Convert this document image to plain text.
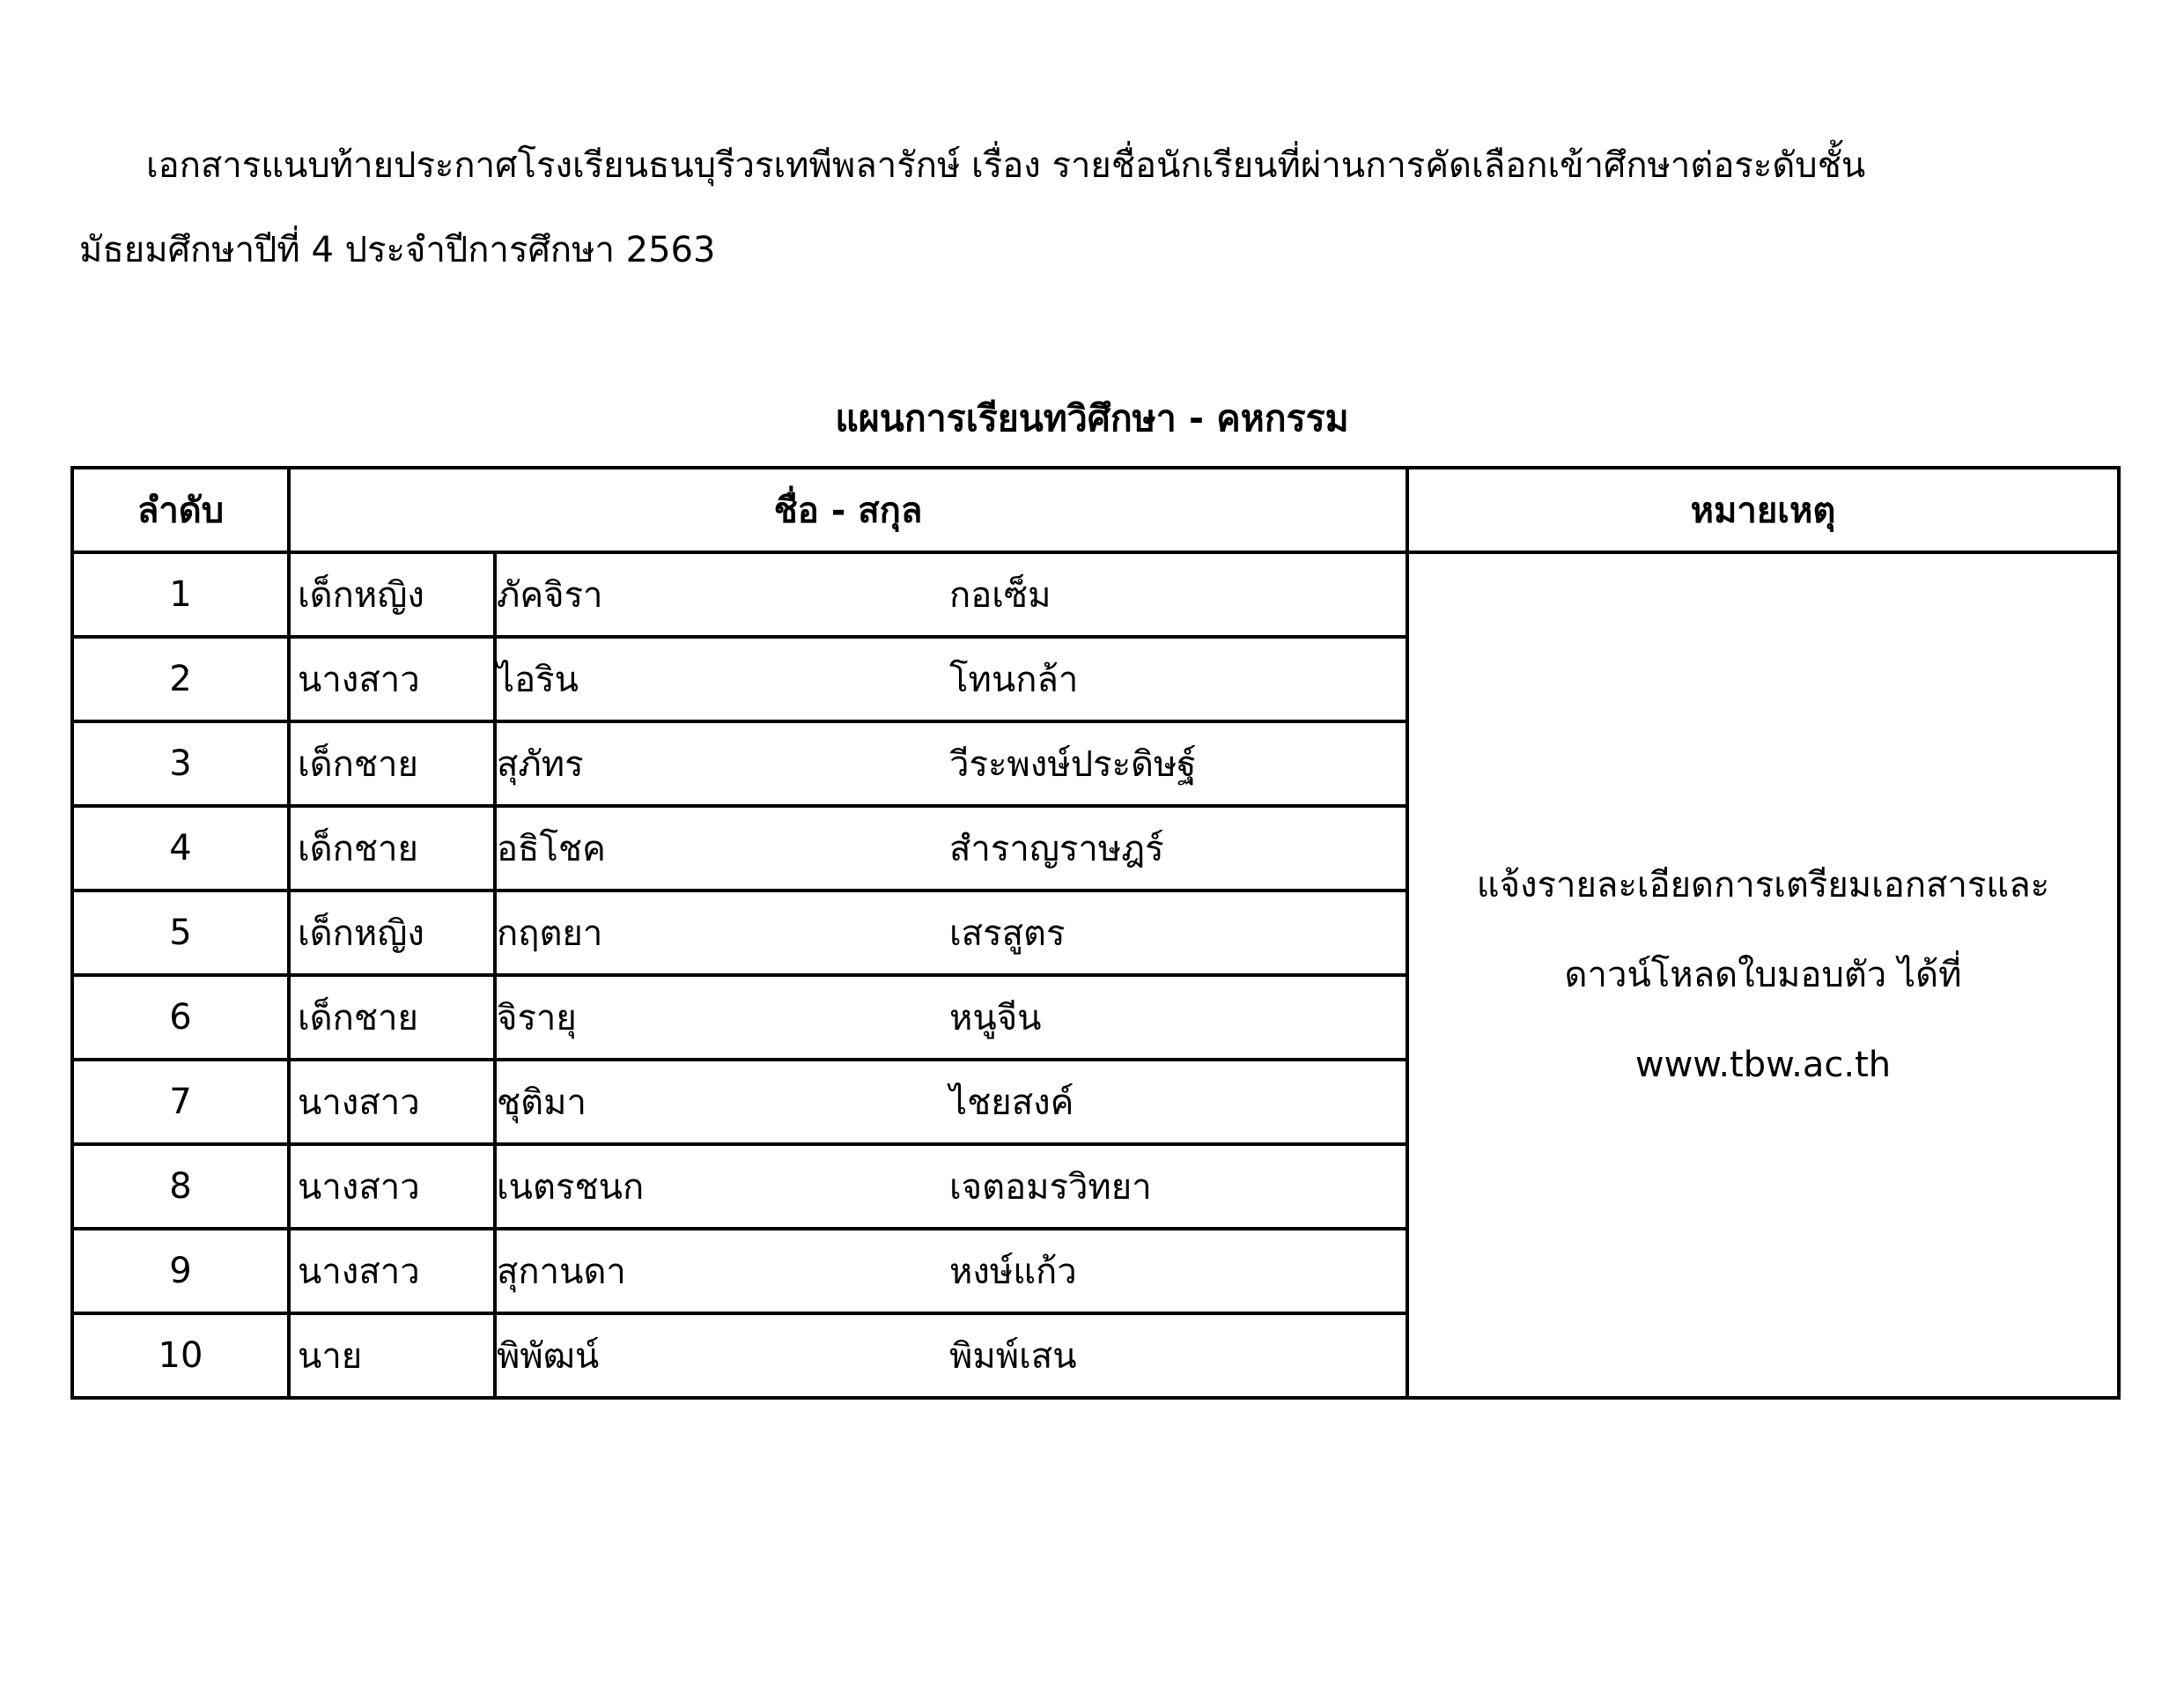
เอกสารแนบท้ายประกาศโรงเรียนธนบุรีวรเทพีพลารักษ์ เรื่อง รายชื่อนักเรียนที่ผ่านการคัดเลือกเข้าศึกษาต่อระดับชั้น
มัธยมศึกษาปีที่ 4 ประจำปีการศึกษา 2563
แผนการเรียนทวิศึกษา - คหกรรม
ลำดับ	ชื่อ - สกุล			หมายเหตุ
1	เด็กหญิง	ภัคจิรา	กอเซ็ม	แจ้งรายละเอียดการเตรียมเอกสารและ
ดาวน์โหลดใบมอบตัว ได้ที่
www.tbw.ac.th

2	นางสาว	ไอริน	โทนกล้า	
3	เด็กชาย	สุภัทร	วีระพงษ์ประดิษฐ์	
4	เด็กชาย	อธิโชค	สำราญราษฎร์	
5	เด็กหญิง	กฤตยา	เสรสูตร	
6	เด็กชาย	จิรายุ	หนูจีน	
7	นางสาว	ชุติมา	ไชยสงค์	
8	นางสาว	เนตรชนก	เจตอมรวิทยา	
9	นางสาว	สุกานดา	หงษ์แก้ว	
10	นาย	พิพัฒน์	พิมพ์เสน	
